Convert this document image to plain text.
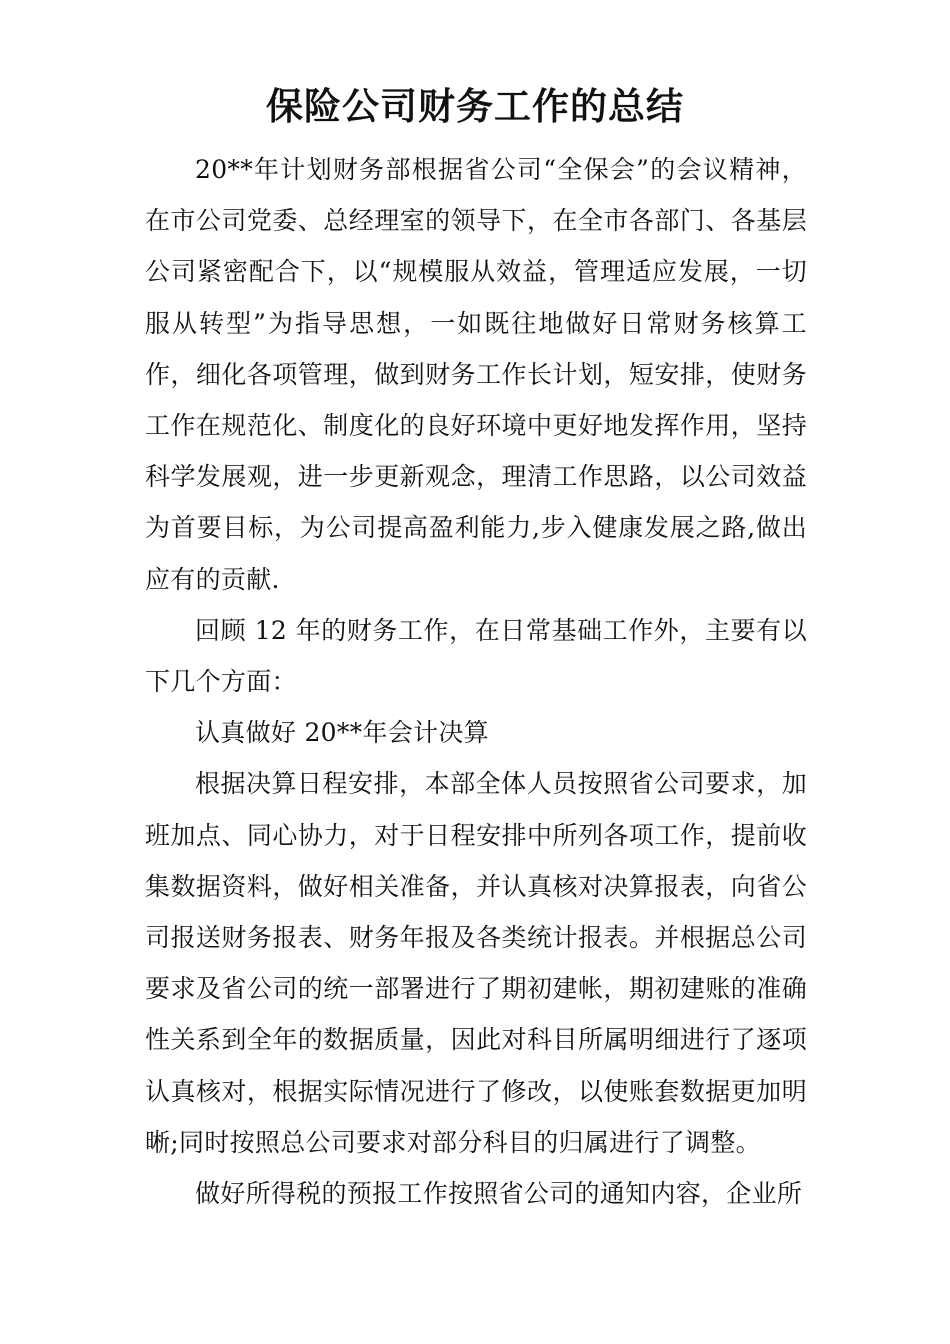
保险公司财务工作的总结

20**年计划财务部根据省公司“全保会”的会议精神，在市公司党委、总经理室的领导下，在全市各部门、各基层公司紧密配合下，以“规模服从效益，管理适应发展，一切服从转型”为指导思想，一如既往地做好日常财务核算工作，细化各项管理，做到财务工作长计划，短安排，使财务工作在规范化、制度化的良好环境中更好地发挥作用，坚持科学发展观，进一步更新观念，理清工作思路，以公司效益为首要目标，为公司提高盈利能力,步入健康发展之路,做出应有的贡献.

回顾 12 年的财务工作，在日常基础工作外，主要有以下几个方面：

认真做好 20**年会计决算

根据决算日程安排，本部全体人员按照省公司要求，加班加点、同心协力，对于日程安排中所列各项工作，提前收集数据资料，做好相关准备，并认真核对决算报表，向省公司报送财务报表、财务年报及各类统计报表。并根据总公司要求及省公司的统一部署进行了期初建帐，期初建账的准确性关系到全年的数据质量，因此对科目所属明细进行了逐项认真核对，根据实际情况进行了修改，以使账套数据更加明晰;同时按照总公司要求对部分科目的归属进行了调整。

做好所得税的预报工作按照省公司的通知内容，企业所
